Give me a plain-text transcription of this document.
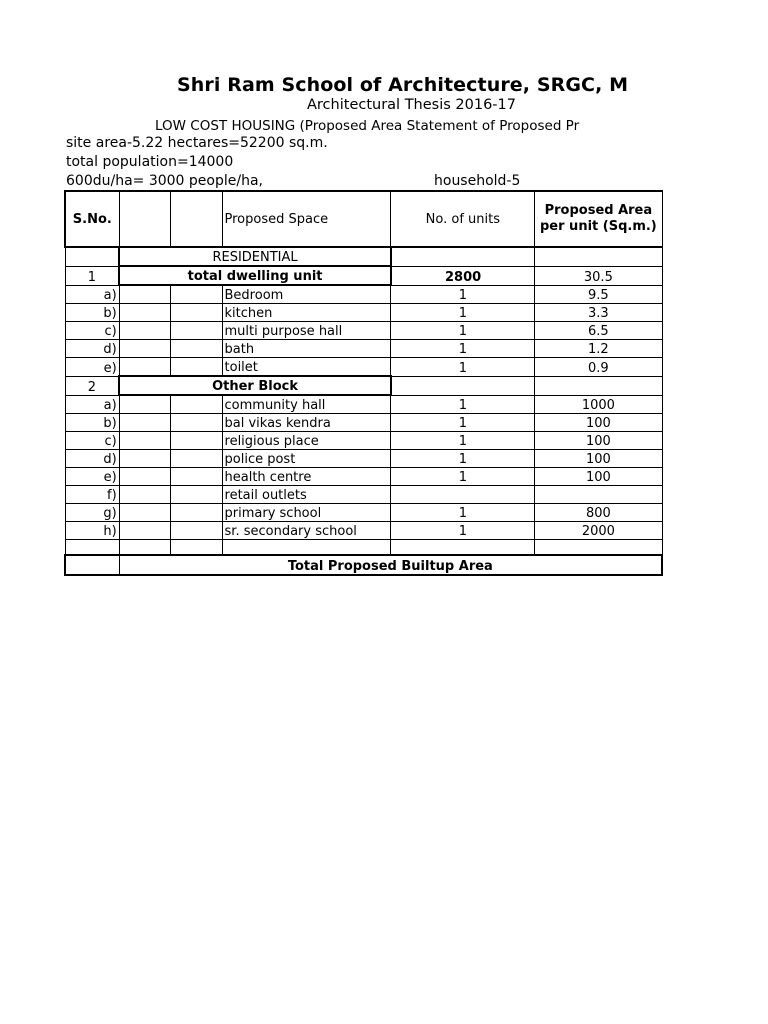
Shri Ram School of Architecture, SRGC, M
Architectural Thesis 2016-17
LOW COST HOUSING (Proposed Area Statement of Proposed Pr
site area-5.22 hectares=52200 sq.m.
total population=14000
600du/ha= 3000 people/ha,	household-5
S.No.			Proposed Space	No. of units	Proposed Area per unit (Sq.m.)
	RESIDENTIAL				
1	total dwelling unit			2800	30.5
a)			Bedroom	1	9.5
b)			kitchen	1	3.3
c)			multi purpose hall	1	6.5
d)			bath	1	1.2
e)			toilet	1	0.9
2	Other Block				
a)			community hall	1	1000
b)			bal vikas kendra	1	100
c)			religious place	1	100
d)			police post	1	100
e)			health centre	1	100
f)			retail outlets		
g)			primary school	1	800
h)			sr. secondary school	1	2000

	Total Proposed Builtup Area				
